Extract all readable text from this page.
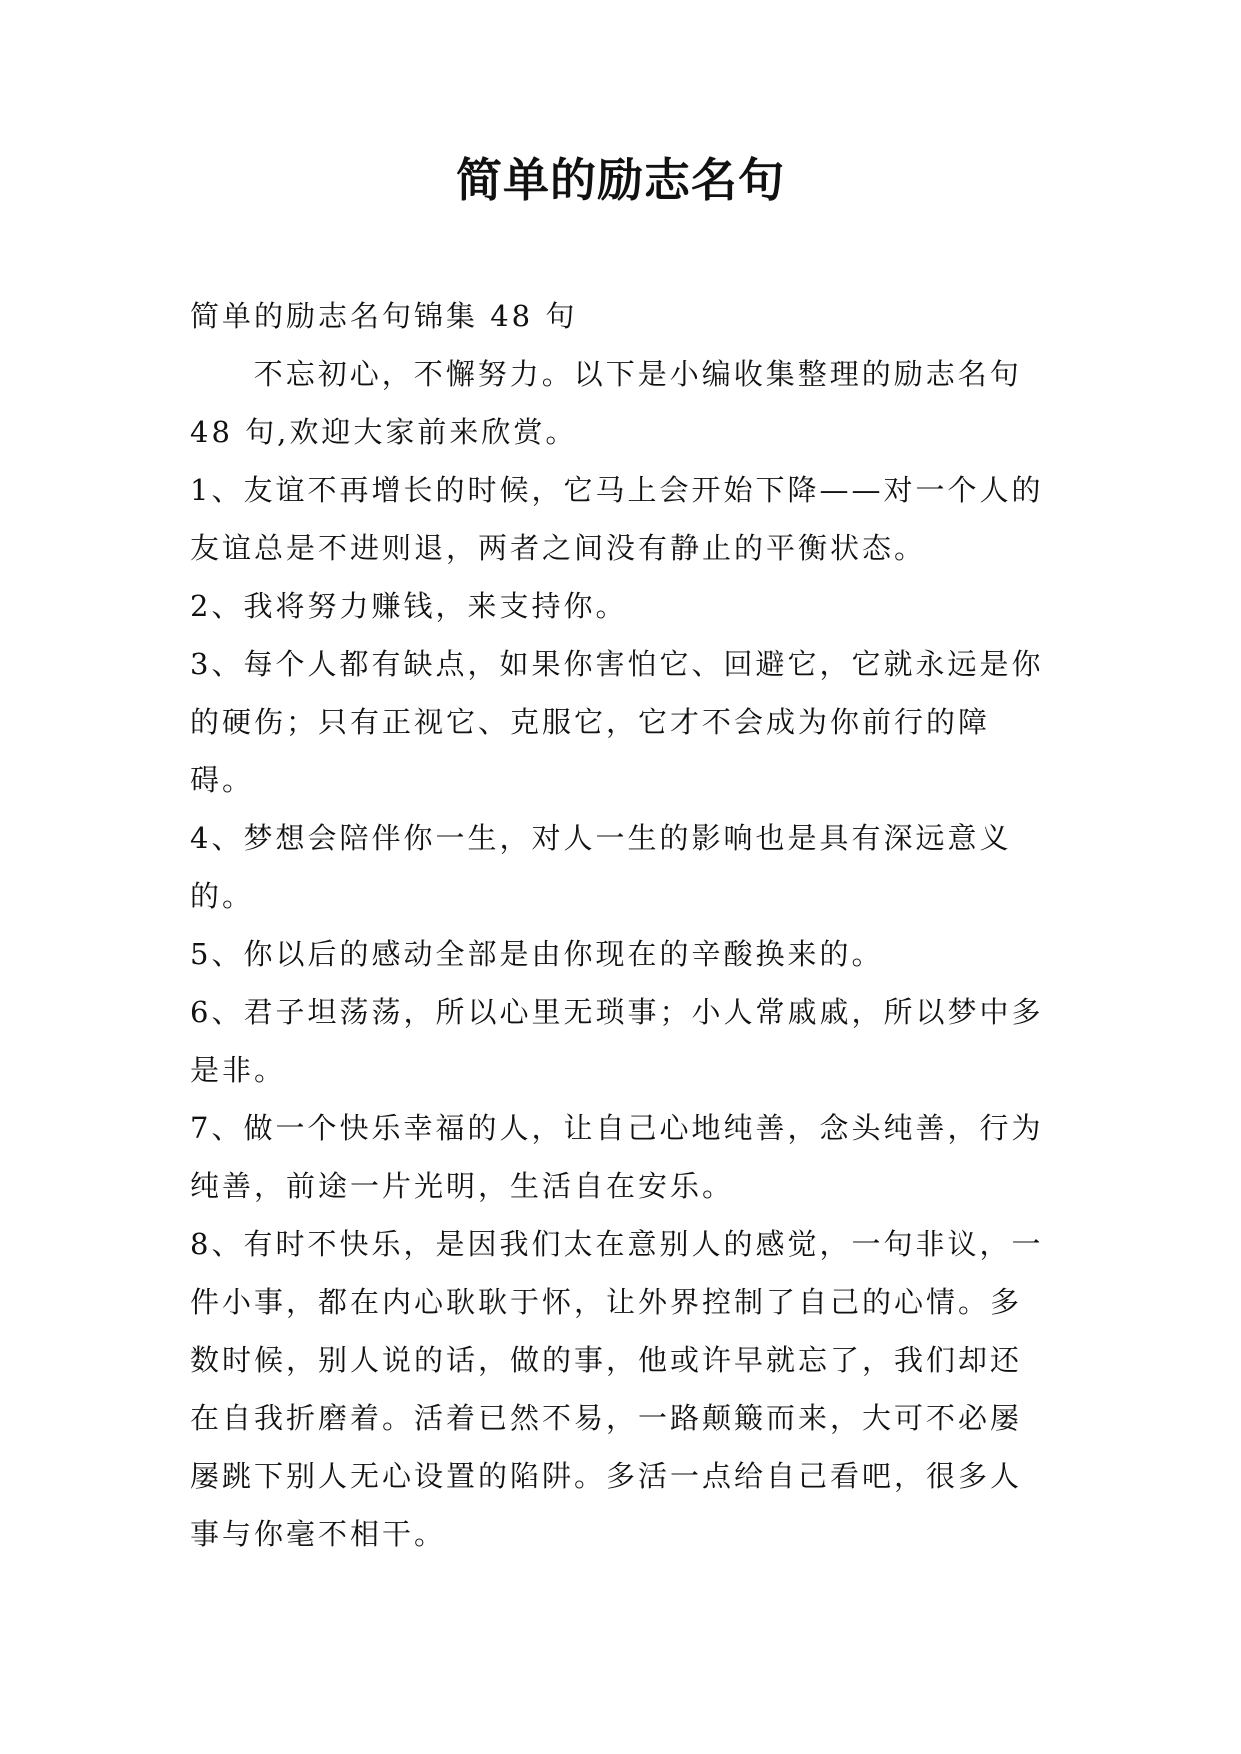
简单的励志名句

简单的励志名句锦集 48 句

不忘初心，不懈努力。以下是小编收集整理的励志名句 48 句,欢迎大家前来欣赏。

1、友谊不再增长的时候，它马上会开始下降——对一个人的友谊总是不进则退，两者之间没有静止的平衡状态。

2、我将努力赚钱，来支持你。

3、每个人都有缺点，如果你害怕它、回避它，它就永远是你的硬伤；只有正视它、克服它，它才不会成为你前行的障碍。

4、梦想会陪伴你一生，对人一生的影响也是具有深远意义的。

5、你以后的感动全部是由你现在的辛酸换来的。

6、君子坦荡荡，所以心里无琐事；小人常戚戚，所以梦中多是非。

7、做一个快乐幸福的人，让自己心地纯善，念头纯善，行为纯善，前途一片光明，生活自在安乐。

8、有时不快乐，是因我们太在意别人的感觉，一句非议，一件小事，都在内心耿耿于怀，让外界控制了自己的心情。多数时候，别人说的话，做的事，他或许早就忘了，我们却还在自我折磨着。活着已然不易，一路颠簸而来，大可不必屡屡跳下别人无心设置的陷阱。多活一点给自己看吧，很多人事与你毫不相干。
